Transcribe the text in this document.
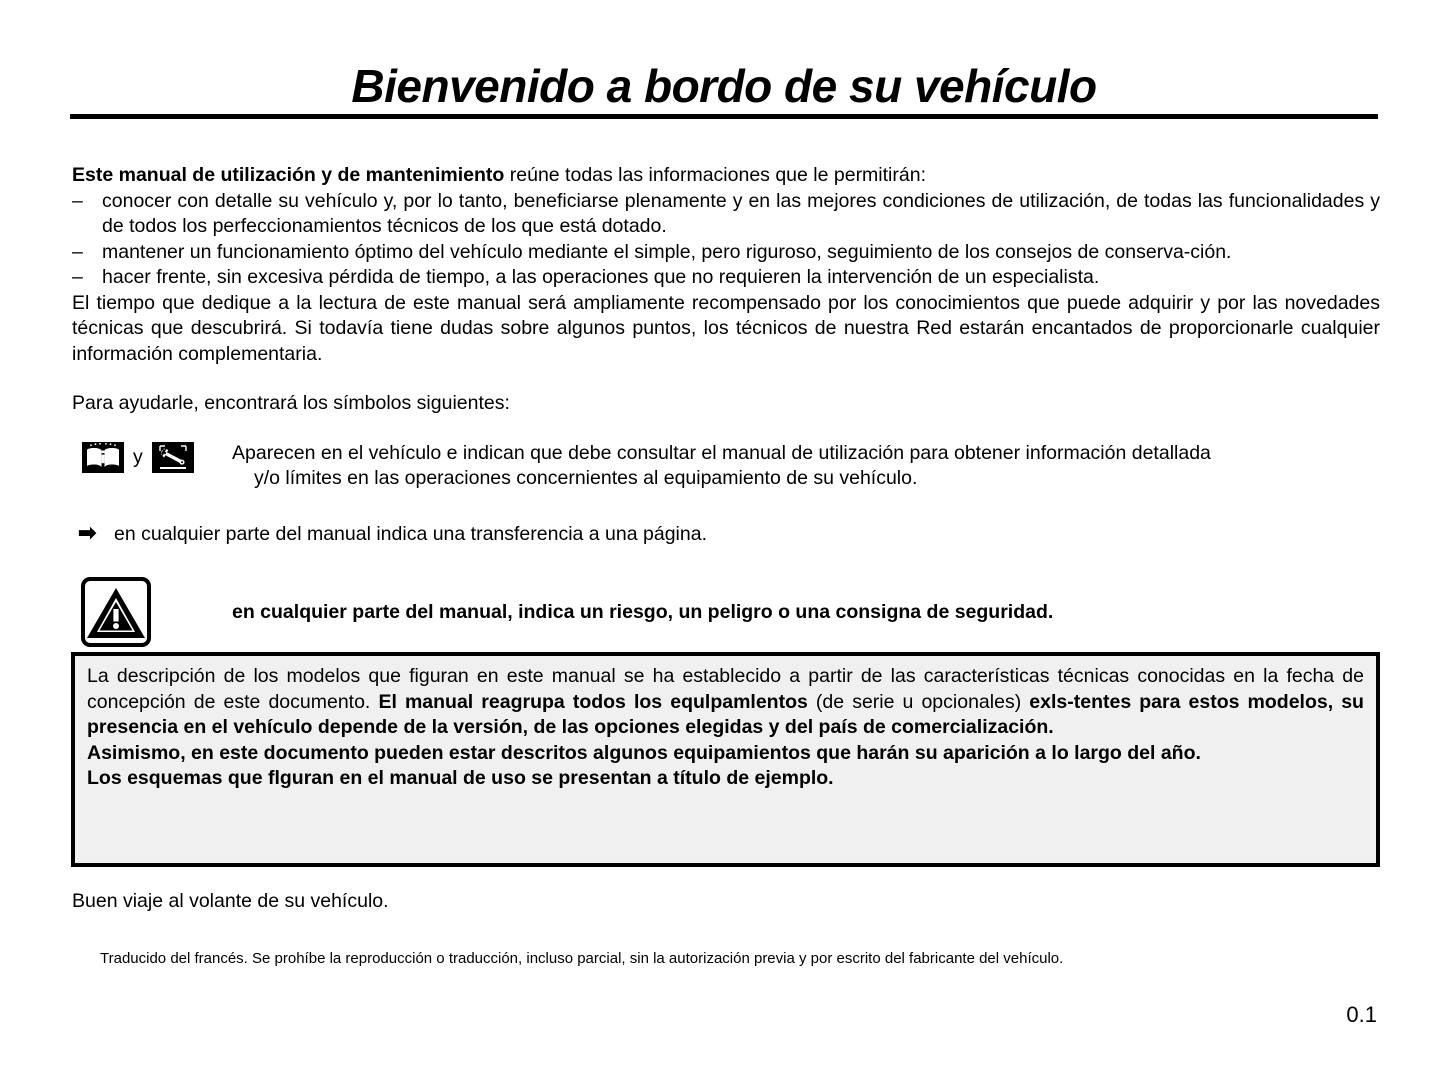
Bienvenido a bordo de su vehículo

Este manual de utilización y de mantenimiento reúne todas las informaciones que le permitirán:

– conocer con detalle su vehículo y, por lo tanto, beneficiarse plenamente y en las mejores condiciones de utilización, de todas las funcionalidades y de todos los perfeccionamientos técnicos de los que está dotado.
– mantener un funcionamiento óptimo del vehículo mediante el simple, pero riguroso, seguimiento de los consejos de conserva-ción.
– hacer frente, sin excesiva pérdida de tiempo, a las operaciones que no requieren la intervención de un especialista.

El tiempo que dedique a la lectura de este manual será ampliamente recompensado por los conocimientos que puede adquirir y por las novedades técnicas que descubrirá. Si todavía tiene dudas sobre algunos puntos, los técnicos de nuestra Red estarán encantados de proporcionarle cualquier información complementaria.

Para ayudarle, encontrará los símbolos siguientes:

y	Aparecen en el vehículo e indican que debe consultar el manual de utilización para obtener información detallada
y/o límites en las operaciones concernientes al equipamiento de su vehículo.
➡ en cualquier parte del manual indica una transferencia a una página.
en cualquier parte del manual, indica un riesgo, un peligro o una consigna de seguridad.

La descripción de los modelos que figuran en este manual se ha establecido a partir de las características técnicas conocidas en la fecha de concepción de este documento. El manual reagrupa todos los equlpamlentos (de serie u opcionales) exls-tentes para estos modelos, su presencia en el vehículo depende de la versión, de las opciones elegidas y del país de comercialización.

Asimismo, en este documento pueden estar descritos algunos equipamientos que harán su aparición a lo largo del año.

Los esquemas que flguran en el manual de uso se presentan a título de ejemplo.

Buen viaje al volante de su vehículo.
Traducido del francés. Se prohíbe la reproducción o traducción, incluso parcial, sin la autorización previa y por escrito del fabricante del vehículo.
0.1
